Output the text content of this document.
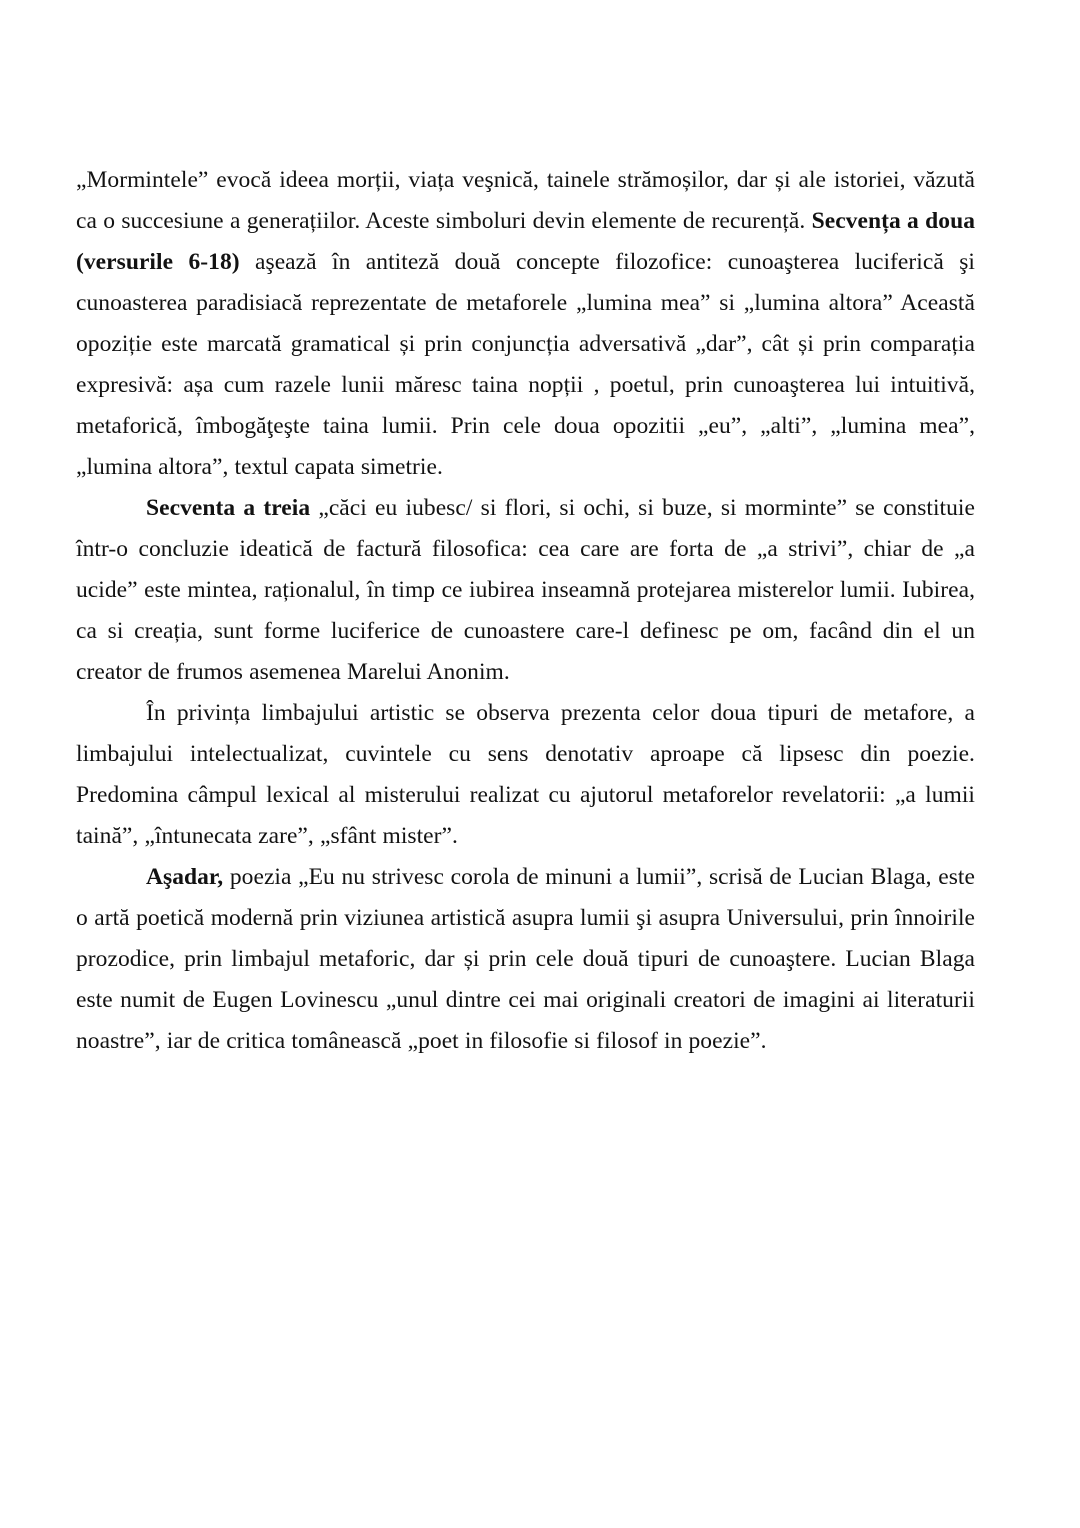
„Mormintele” evocă ideea morții, viața veşnică, tainele strămoșilor, dar și ale istoriei, văzută ca o succesiune a generațiilor. Aceste simboluri devin elemente de recurență. Secvența a doua (versurile 6-18) aşează în antiteză două concepte filozofice: cunoaşterea luciferică şi cunoasterea paradisiacă reprezentate de metaforele „lumina mea” si „lumina altora” Această opoziție este marcată gramatical și prin conjuncția adversativă „dar”, cât și prin comparația expresivă: așa cum razele lunii măresc taina nopții , poetul, prin cunoaşterea lui intuitivă, metaforică, îmbogăţeşte taina lumii. Prin cele doua opozitii „eu”, „alti”, „lumina mea”, „lumina altora”, textul capata simetrie.

Secventa a treia „căci eu iubesc/ si flori, si ochi, si buze, si morminte” se constituie într-o concluzie ideatică de factură filosofica: cea care are forta de „a strivi”, chiar de „a ucide” este mintea, raționalul, în timp ce iubirea inseamnă protejarea misterelor lumii. Iubirea, ca si creația, sunt forme luciferice de cunoastere care-l definesc pe om, facând din el un creator de frumos asemenea Marelui Anonim.

În privința limbajului artistic se observa prezenta celor doua tipuri de metafore, a limbajului intelectualizat, cuvintele cu sens denotativ aproape că lipsesc din poezie. Predomina câmpul lexical al misterului realizat cu ajutorul metaforelor revelatorii: „a lumii taină”, „întunecata zare”, „sfânt mister”.

Aşadar, poezia „Eu nu strivesc corola de minuni a lumii”, scrisă de Lucian Blaga, este o artă poetică modernă prin viziunea artistică asupra lumii şi asupra Universului, prin înnoirile prozodice, prin limbajul metaforic, dar și prin cele două tipuri de cunoaştere. Lucian Blaga este numit de Eugen Lovinescu „unul dintre cei mai originali creatori de imagini ai literaturii noastre”, iar de critica tomânească „poet in filosofie si filosof in poezie”.
